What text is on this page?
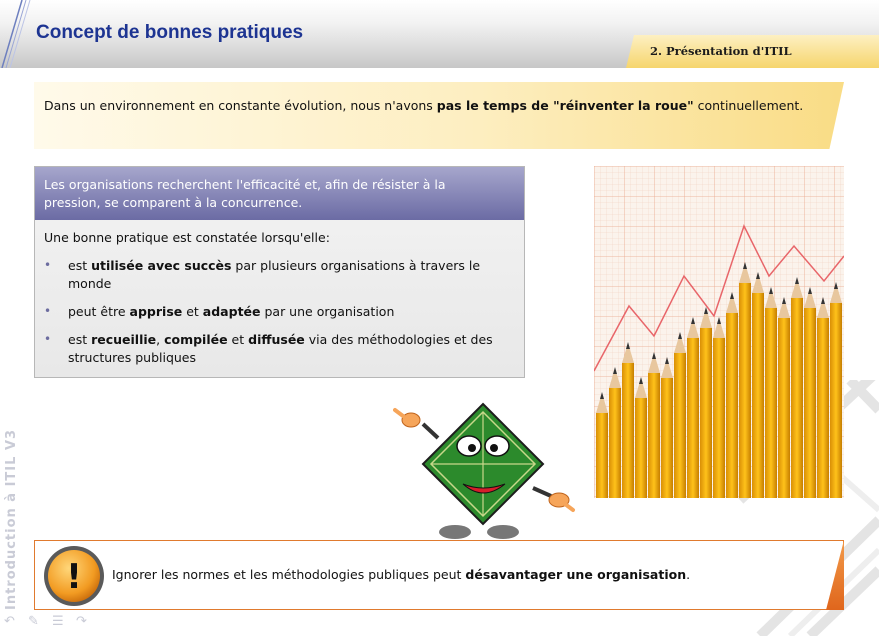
Concept de bonnes pratiques
2. Présentation d'ITIL
Dans un environnement en constante évolution, nous n'avons pas le temps de "réinventer la roue" continuellement.
Les organisations recherchent l'efficacité et, afin de résister à la pression, se comparent à la concurrence.
Une bonne pratique est constatée lorsqu'elle:
• est utilisée avec succès par plusieurs organisations à travers le monde
• peut être apprise et adaptée par une organisation
• est recueillie, compilée et diffusée via des méthodologies et des structures publiques
! Ignorer les normes et les méthodologies publiques peut désavantager une organisation.
Introduction à ITIL V3
↶ ✎ ☰ ↷
